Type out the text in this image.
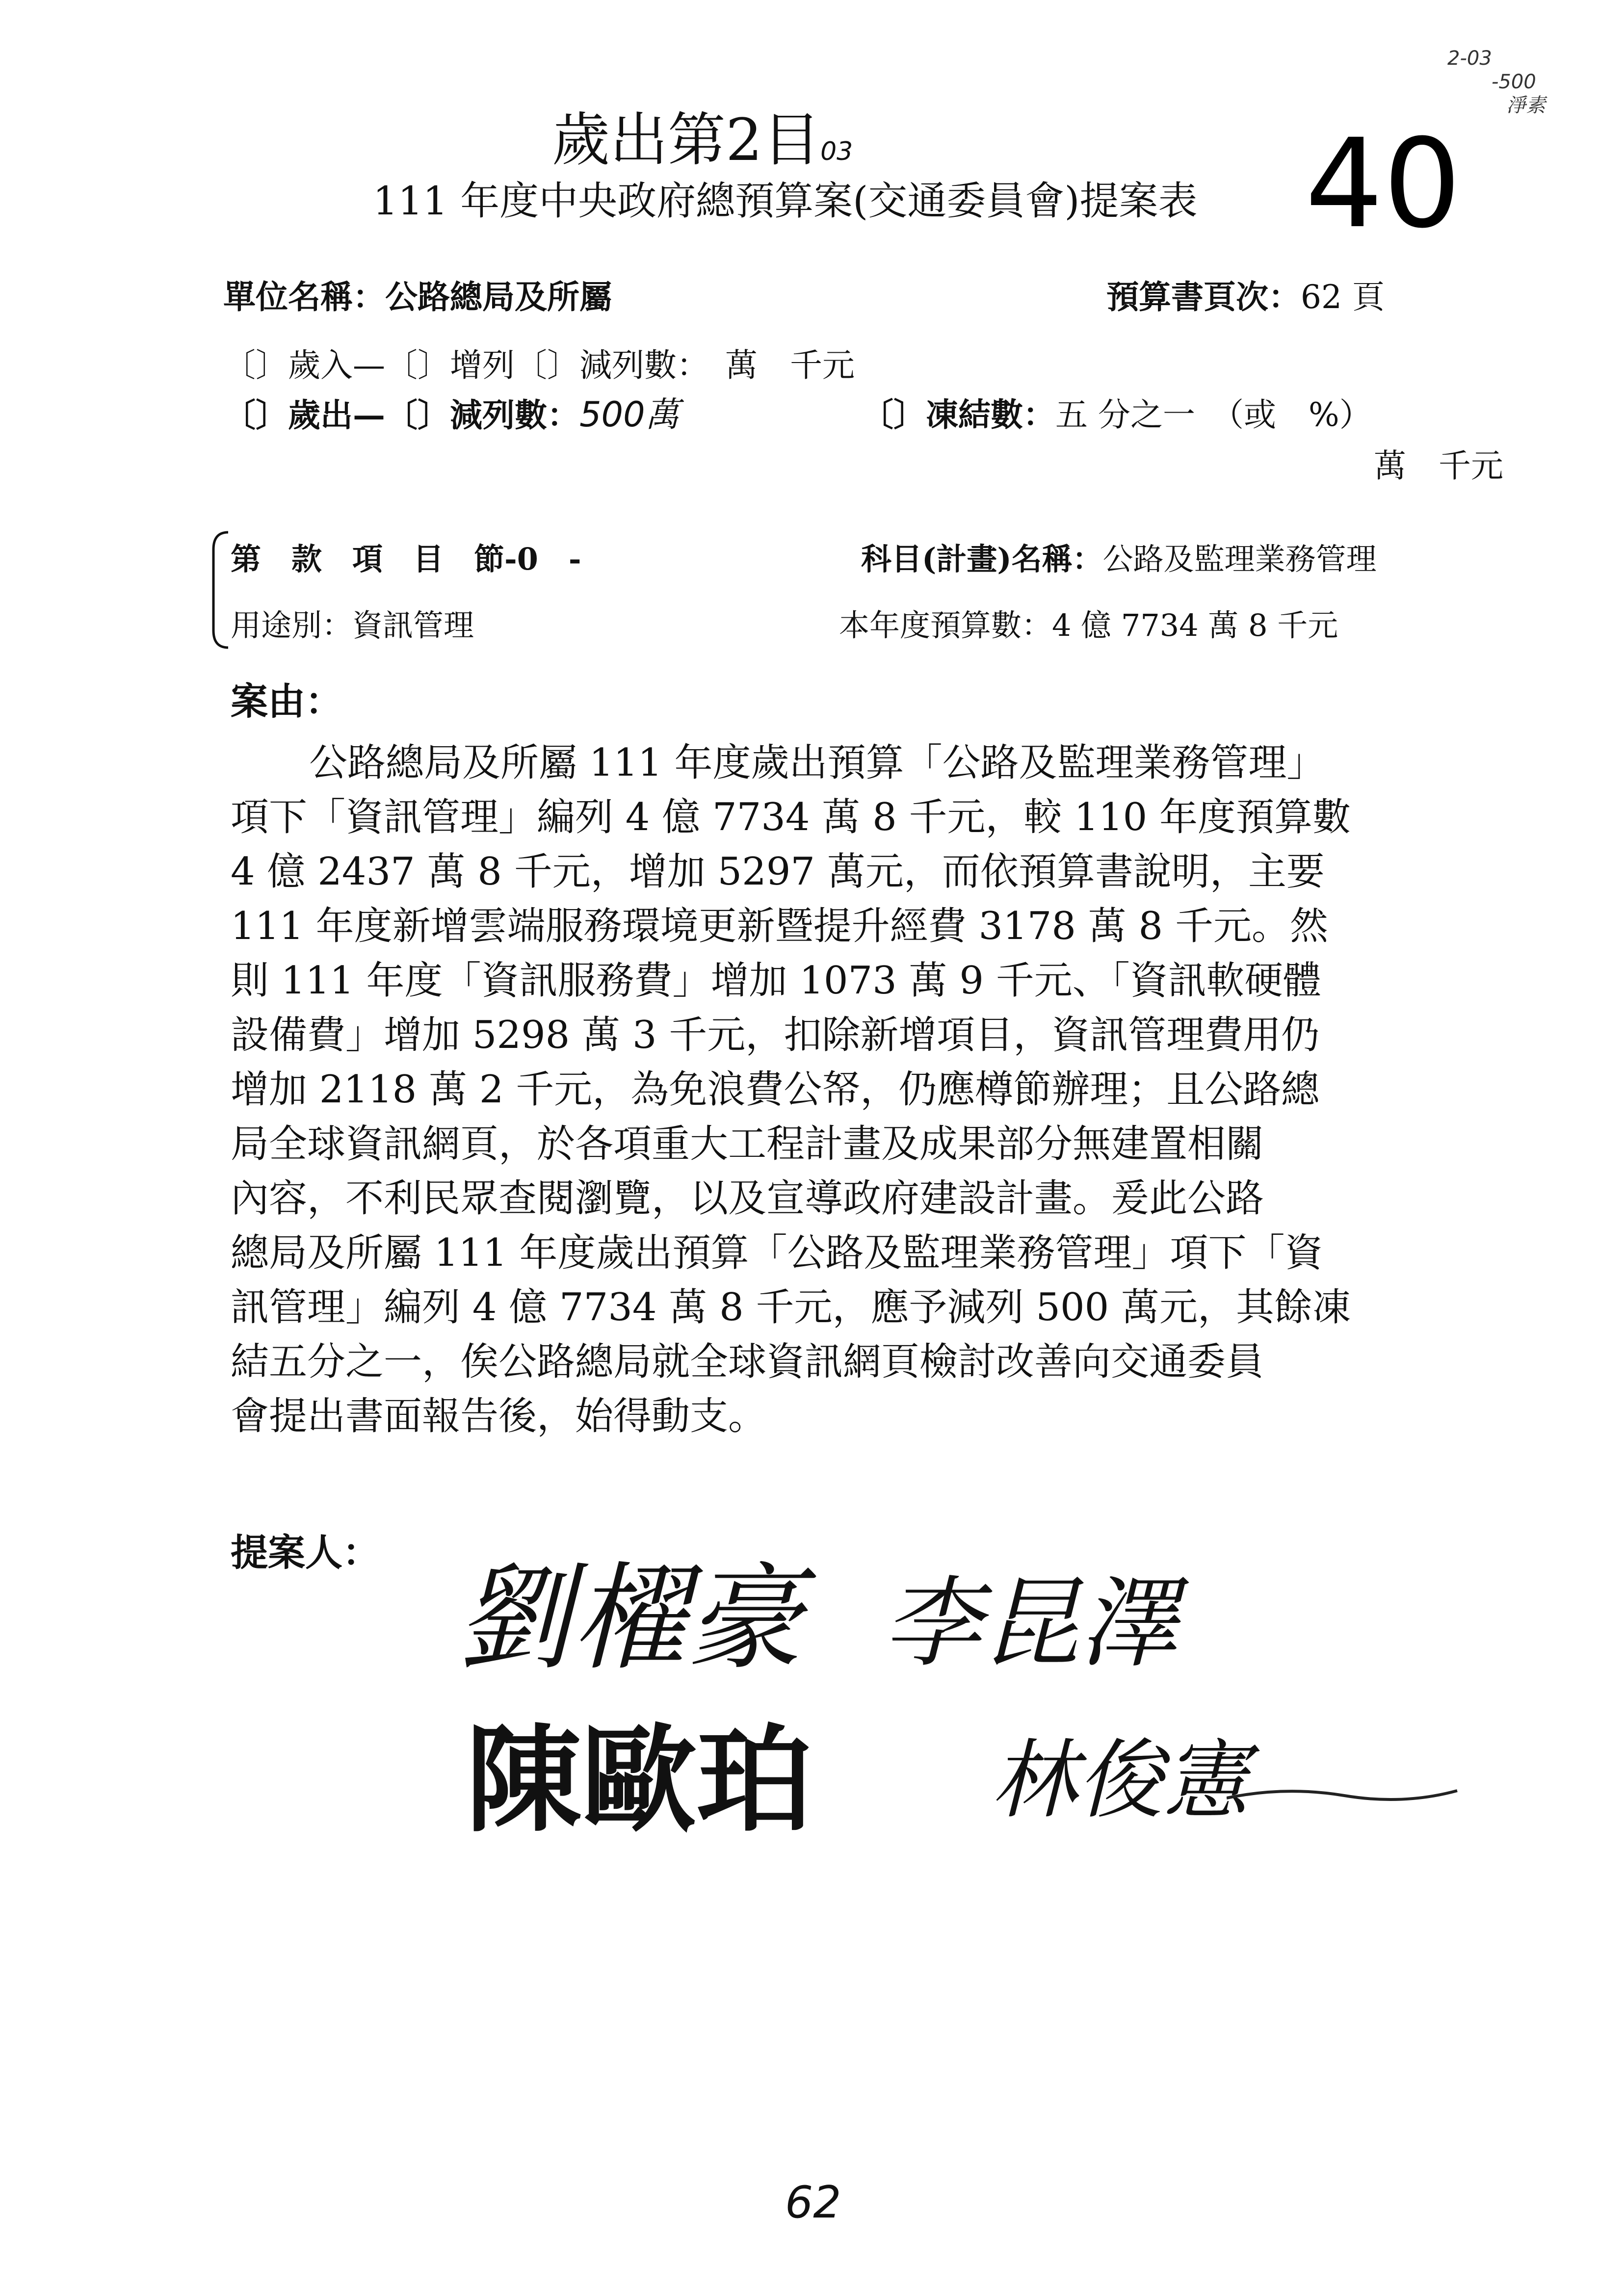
2-03
-500
淨素
歲出第2目03
111 年度中央政府總預算案(交通委員會)提案表 40
單位名稱：公路總局及所屬	預算書頁次：62 頁
〔〕歲入—〔〕增列〔〕減列數：　萬　千元
〔〕歲出—〔〕減列數：500萬	〔〕凍結數：五 分之一　（或　%）
萬　千元
第　款　項　目　節-0　-	科目(計畫)名稱：公路及監理業務管理
用途別：資訊管理	本年度預算數：4 億 7734 萬 8 千元
案由：
公路總局及所屬 111 年度歲出預算「公路及監理業務管理」
項下「資訊管理」編列 4 億 7734 萬 8 千元，較 110 年度預算數
4 億 2437 萬 8 千元，增加 5297 萬元，而依預算書說明，主要
111 年度新增雲端服務環境更新暨提升經費 3178 萬 8 千元。然
則 111 年度「資訊服務費」增加 1073 萬 9 千元、「資訊軟硬體
設備費」增加 5298 萬 3 千元，扣除新增項目，資訊管理費用仍
增加 2118 萬 2 千元，為免浪費公帑，仍應樽節辦理；且公路總
局全球資訊網頁，於各項重大工程計畫及成果部分無建置相關
內容，不利民眾查閱瀏覽，以及宣導政府建設計畫。爰此公路
總局及所屬 111 年度歲出預算「公路及監理業務管理」項下「資
訊管理」編列 4 億 7734 萬 8 千元，應予減列 500 萬元，其餘凍
結五分之一，俟公路總局就全球資訊網頁檢討改善向交通委員
會提出書面報告後，始得動支。
提案人： 劉櫂豪 李昆澤
陳歐珀 林俊憲
62
